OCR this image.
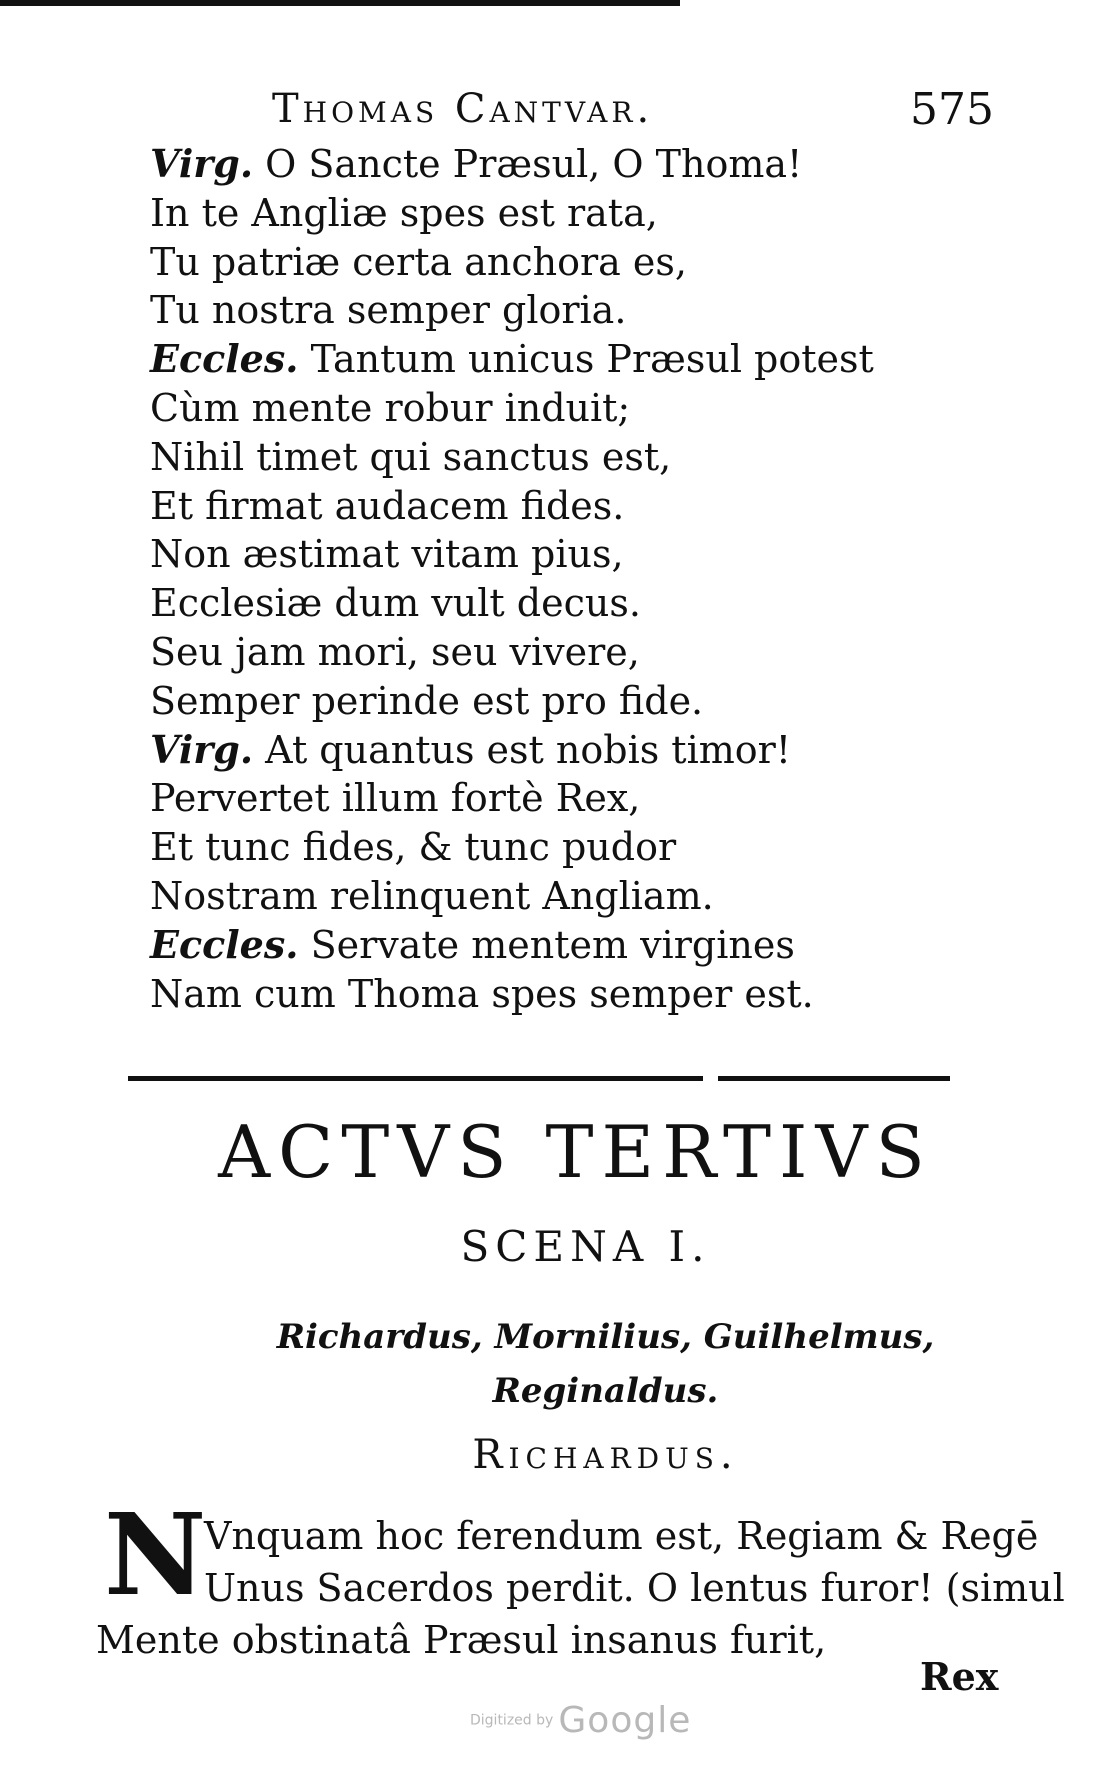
Thomas Cantvar.	575
Virg. O Sancte Præsul, O Thoma!
In te Angliæ spes est rata,
Tu patriæ certa anchora es,
Tu nostra semper gloria.
Eccles. Tantum unicus Præsul potest
Cùm mente robur induit;
Nihil timet qui sanctus est,
Et firmat audacem fides.
Non æstimat vitam pius,
Ecclesiæ dum vult decus.
Seu jam mori, seu vivere,
Semper perinde est pro fide.
Virg. At quantus est nobis timor!
Pervertet illum fortè Rex,
Et tunc fides, & tunc pudor
Nostram relinquent Angliam.
Eccles. Servate mentem virgines
Nam cum Thoma spes semper est.
ACTVS TERTIVS
SCENA I.
Richardus, Mornilius, Guilhelmus,
Reginaldus.
Richardus.
N
Vnquam hoc ferendum est, Regiam & Regē
Unus Sacerdos perdit. O lentus furor! (simul
Mente obstinatâ Præsul insanus furit,
Rex
Digitized by Google
